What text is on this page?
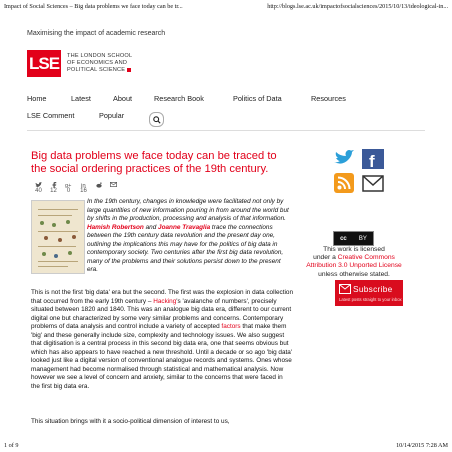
Impact of Social Sciences – Big data problems we face today can be tr...	http://blogs.lse.ac.uk/impactofsocialsciences/2015/10/13/ideological-in...
Maximising the impact of academic research
LSE	THE LONDON SCHOOL
OF ECONOMICS AND
POLITICAL SCIENCE
Home	Latest	About	Research Book	Politics of Data	Resources
LSE Comment	Popular
Big data problems we face today can be traced to the social ordering practices of the 19th century.
40	12
g+
0
in
16
In the 19th century, changes in knowledge were facilitated not only by large quantities of new information pouring in from around the world but by shifts in the production, processing and analysis of that information. Hamish Robertson and Joanne Travaglia trace the connections between the 19th century data revolution and the present day one, outlining the implications this may have for the politics of big data in contemporary society. Two centuries after the first big data revolution, many of the problems and their solutions persist down to the present era.
This is not the first 'big data' era but the second. The first was the explosion in data collection that occurred from the early 19th century – Hacking's 'avalanche of numbers', precisely situated between 1820 and 1840. This was an analogue big data era, different to our current digital one but characterized by some very similar problems and concerns. Contemporary problems of data analysis and control include a variety of accepted factors that make them 'big' and these generally include size, complexity and technology issues. We also suggest that digitisation is a central process in this second big data era, one that seems obvious but which has also appears to have reached a new threshold. Until a decade or so ago 'big data' looked just like a digital version of conventional analogue records and systems. Ones whose management had become normalised through statistical and mathematical analysis. Now however we see a level of concern and anxiety, similar to the concerns that were faced in the first big data era.
This situation brings with it a socio-political dimension of interest to us,
f
cc BY
This work is licensed
under a Creative Commons Attribution 3.0 Unported License unless otherwise stated.
Subscribe
Latest posts straight to your inbox
1 of 9	10/14/2015 7:28 AM
